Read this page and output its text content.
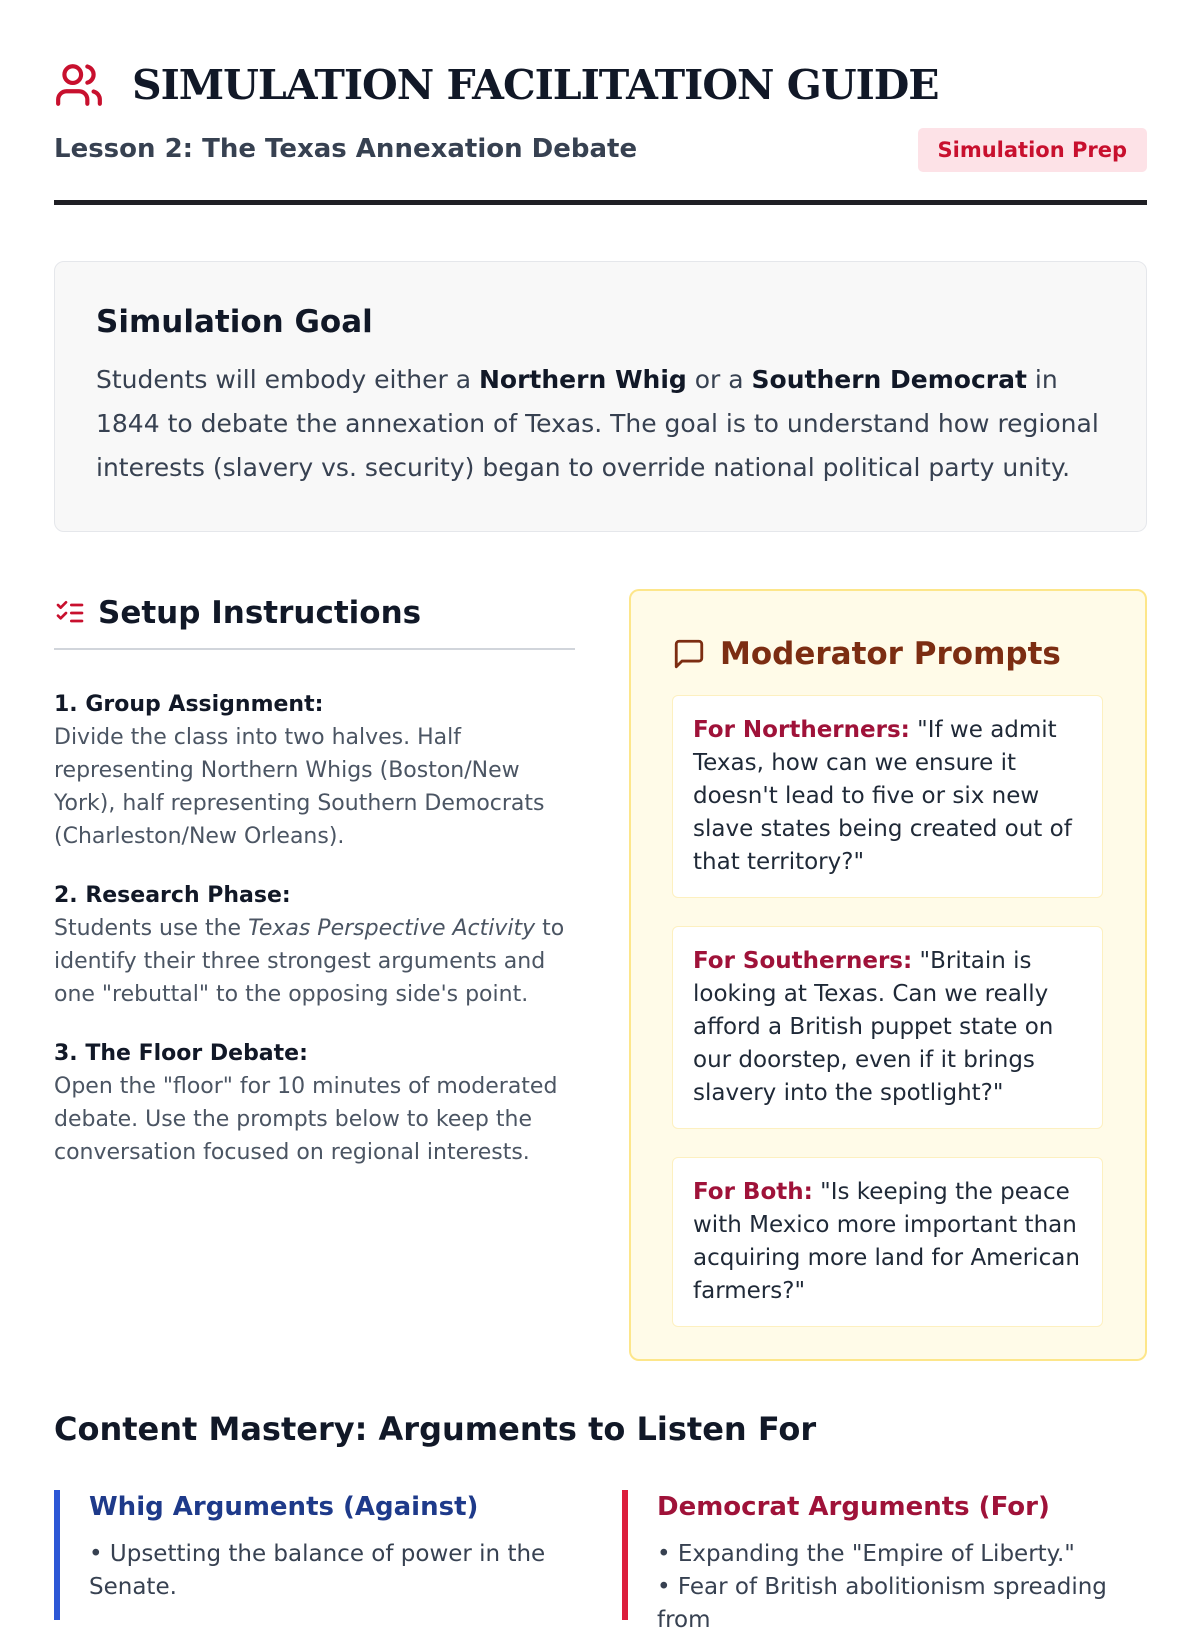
SIMULATION FACILITATION GUIDE
Lesson 2: The Texas Annexation Debate	Simulation Prep
Simulation Goal

Students will embody either a Northern Whig or a Southern Democrat in 1844 to debate the annexation of Texas. The goal is to understand how regional interests (slavery vs. security) began to override national political party unity.

Setup Instructions
1. Group Assignment:
Divide the class into two halves. Half representing Northern Whigs (Boston/New York), half representing Southern Democrats (Charleston/New Orleans).
2. Research Phase:
Students use the Texas Perspective Activity to identify their three strongest arguments and one "rebuttal" to the opposing side's point.
3. The Floor Debate:
Open the "floor" for 10 minutes of moderated debate. Use the prompts below to keep the conversation focused on regional interests.
Moderator Prompts
For Northerners: "If we admit Texas, how can we ensure it doesn't lead to five or six new slave states being created out of that territory?"
For Southerners: "Britain is looking at Texas. Can we really afford a British puppet state on our doorstep, even if it brings slavery into the spotlight?"
For Both: "Is keeping the peace with Mexico more important than acquiring more land for American farmers?"
Content Mastery: Arguments to Listen For
Whig Arguments (Against)
• Upsetting the balance of power in the Senate.
Democrat Arguments (For)
• Expanding the "Empire of Liberty."
• Fear of British abolitionism spreading from
